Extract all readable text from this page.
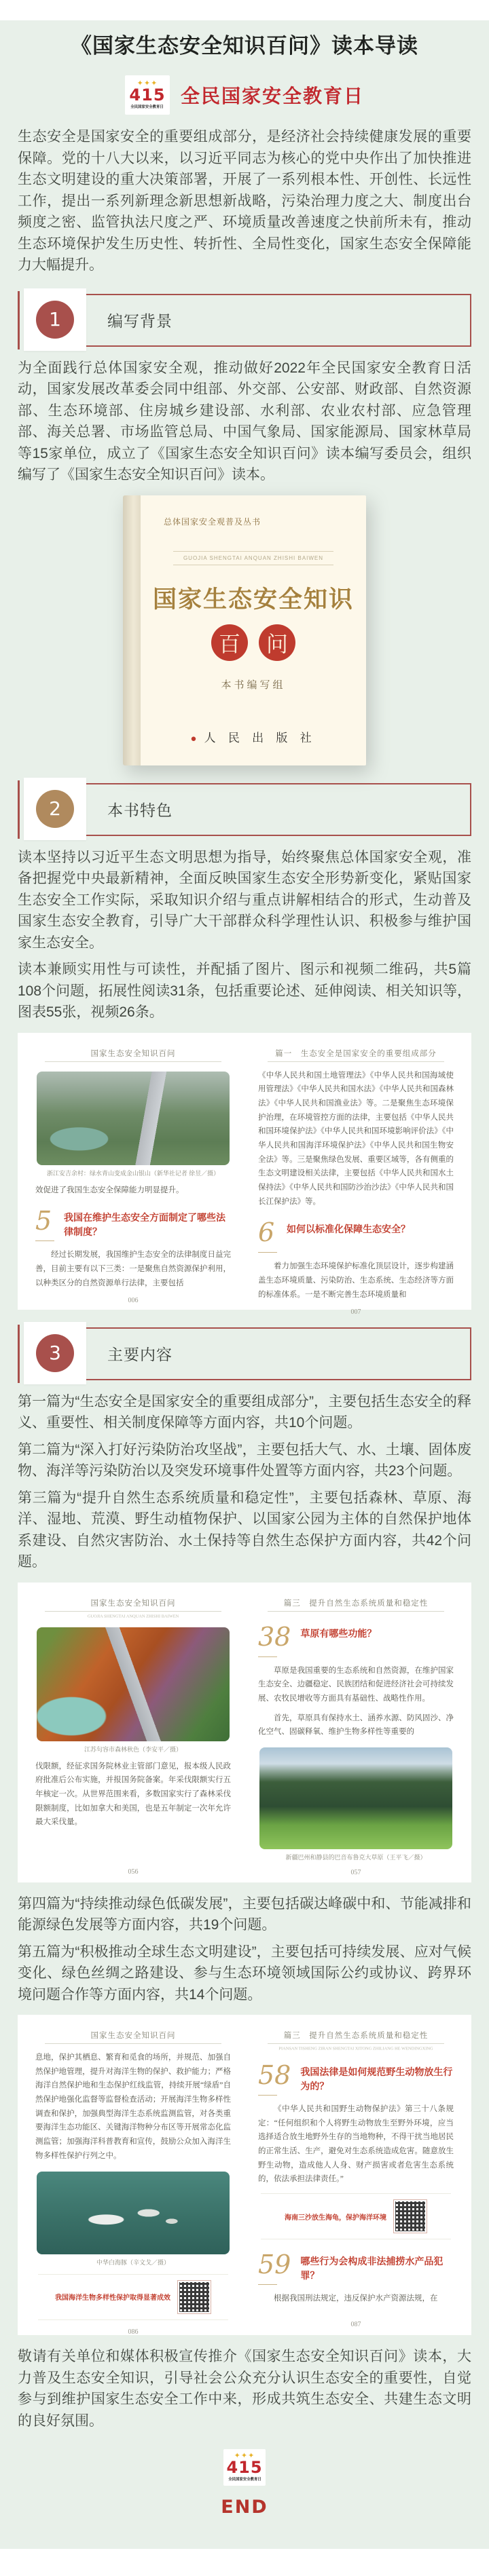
《国家生态安全知识百问》读本导读
✦✦✦
415
全民国家安全教育日 全民国家安全教育日

生态安全是国家安全的重要组成部分，是经济社会持续健康发展的重要保障。党的十八大以来，以习近平同志为核心的党中央作出了加快推进生态文明建设的重大决策部署，开展了一系列根本性、开创性、长远性工作，提出一系列新理念新思想新战略，污染治理力度之大、制度出台频度之密、监管执法尺度之严、环境质量改善速度之快前所未有，推动生态环境保护发生历史性、转折性、全局性变化，国家生态安全保障能力大幅提升。

1	编写背景

为全面践行总体国家安全观，推动做好2022年全民国家安全教育日活动，国家发展改革委会同中组部、外交部、公安部、财政部、自然资源部、生态环境部、住房城乡建设部、水利部、农业农村部、应急管理部、海关总署、市场监管总局、中国气象局、国家能源局、国家林草局等15家单位，成立了《国家生态安全知识百问》读本编写委员会，组织编写了《国家生态安全知识百问》读本。

总体国家安全观普及丛书
GUOJIA SHENGTAI ANQUAN ZHISHI BAIWEN
国家生态安全知识
百	问
本书编写组
● 人 民 出 版 社
2	本书特色

读本坚持以习近平生态文明思想为指导，始终聚焦总体国家安全观，准备把握党中央最新精神，全面反映国家生态安全形势新变化，紧贴国家生态安全工作实际，采取知识介绍与重点讲解相结合的形式，生动普及国家生态安全教育，引导广大干部群众科学理性认识、积极参与维护国家生态安全。

读本兼顾实用性与可读性，并配插了图片、图示和视频二维码，共5篇108个问题，拓展性阅读31条，包括重要论述、延伸阅读、相关知识等，图表55张，视频26条。

国家生态安全知识百问
浙江安吉余村：绿水青山变成金山银山（新华社记者 徐昱／摄）
效促进了我国生态安全保障能力明显提升。
5 我国在维护生态安全方面制定了哪些法律制度？
经过长期发展，我国维护生态安全的法律制度日益完善，目前主要有以下三类：一是聚焦自然资源保护利用，以种类区分的自然资源单行法律，主要包括
006
篇一　生态安全是国家安全的重要组成部分
《中华人民共和国土地管理法》《中华人民共和国海域使用管理法》《中华人民共和国水法》《中华人民共和国森林法》《中华人民共和国渔业法》等。二是聚焦生态环境保护治理，在环境管控方面的法律，主要包括《中华人民共和国环境保护法》《中华人民共和国环境影响评价法》《中华人民共和国海洋环境保护法》《中华人民共和国生物安全法》等。三是聚焦绿色发展、重要区域等，各有侧重的生态文明建设相关法律，主要包括《中华人民共和国水土保持法》《中华人民共和国防沙治沙法》《中华人民共和国长江保护法》等。
6 如何以标准化保障生态安全？
着力加强生态环境保护标准化顶层设计，逐步构建涵盖生态环境质量、污染防治、生态系统、生态经济等方面的标准体系。一是不断完善生态环境质量和
007
3	主要内容

第一篇为“生态安全是国家安全的重要组成部分”，主要包括生态安全的释义、重要性、相关制度保障等方面内容，共10个问题。

第二篇为“深入打好污染防治攻坚战”，主要包括大气、水、土壤、固体废物、海洋等污染防治以及突发环境事件处置等方面内容，共23个问题。

第三篇为“提升自然生态系统质量和稳定性”，主要包括森林、草原、海洋、湿地、荒漠、野生动植物保护、以国家公园为主体的自然保护地体系建设、自然灾害防治、水土保持等自然生态保护方面内容，共42个问题。

国家生态安全知识百问
GUOJIA SHENGTAI ANQUAN ZHISHI BAIWEN
江苏句容市森林秋色（李安平／摄）
伐限额，经征求国务院林业主管部门意见，报本级人民政府批准后公布实施，并报国务院备案。年采伐限额实行五年核定一次。从世界范围来看，多数国家实行了森林采伐限额制度，比如加拿大和美国，也是五年制定一次年允许最大采伐量。
056
篇三　提升自然生态系统质量和稳定性
38 草原有哪些功能？
草原是我国重要的生态系统和自然资源，在维护国家生态安全、边疆稳定、民族团结和促进经济社会可持续发展、农牧民增收等方面具有基础性、战略性作用。
首先，草原具有保持水土、涵养水源、防风固沙、净化空气、固碳释氧、维护生物多样性等重要的
新疆巴州和静县的巴音布鲁克大草原（王平飞／摄）
057

第四篇为“持续推动绿色低碳发展”，主要包括碳达峰碳中和、节能减排和能源绿色发展等方面内容，共19个问题。

第五篇为“积极推动全球生态文明建设”，主要包括可持续发展、应对气候变化、绿色丝绸之路建设、参与生态环境领域国际公约或协议、跨界环境问题合作等方面内容，共14个问题。

国家生态安全知识百问
息地，保护其栖息、繁育和觅食的场所，并规范、加强自然保护地管理，提升对海洋生物的保护、救护能力；严格海洋自然保护地和生态保护红线监管，持续开展“绿盾”自然保护地强化监督等监督检查活动；开展海洋生物多样性调查和保护，加强典型海洋生态系统监测监管，对各类重要海洋生态功能区、关键海洋物种分布区等开展常态化监测监管；加强海洋科普教育和宣传，鼓励公众加入海洋生物多样性保护行列之中。
中华白海豚（辛文戈／摄）
我国海洋生物多样性保护取得显著成效
086
篇三　提升自然生态系统质量和稳定性
PIANSAN TISHENG ZIRAN SHENGTAI XITONG ZHILIANG HE WENDINGXING
58 我国法律是如何规范野生动物放生行为的？
《中华人民共和国野生动物保护法》第三十八条规定：“任何组织和个人将野生动物放生至野外环境，应当选择适合放生地野外生存的当地物种，不得干扰当地居民的正常生活、生产，避免对生态系统造成危害。随意放生野生动物，造成他人人身、财产损害或者危害生态系统的，依法承担法律责任。”
海南三沙放生海龟，保护海洋环境
59 哪些行为会构成非法捕捞水产品犯罪？
根据我国刑法规定，违反保护水产资源法规，在
087

敬请有关单位和媒体积极宣传推介《国家生态安全知识百问》读本，大力普及生态安全知识，引导社会公众充分认识生态安全的重要性，自觉参与到维护国家生态安全工作中来，形成共筑生态安全、共建生态文明的良好氛围。

✦✦✦
415
全民国家安全教育日
END
